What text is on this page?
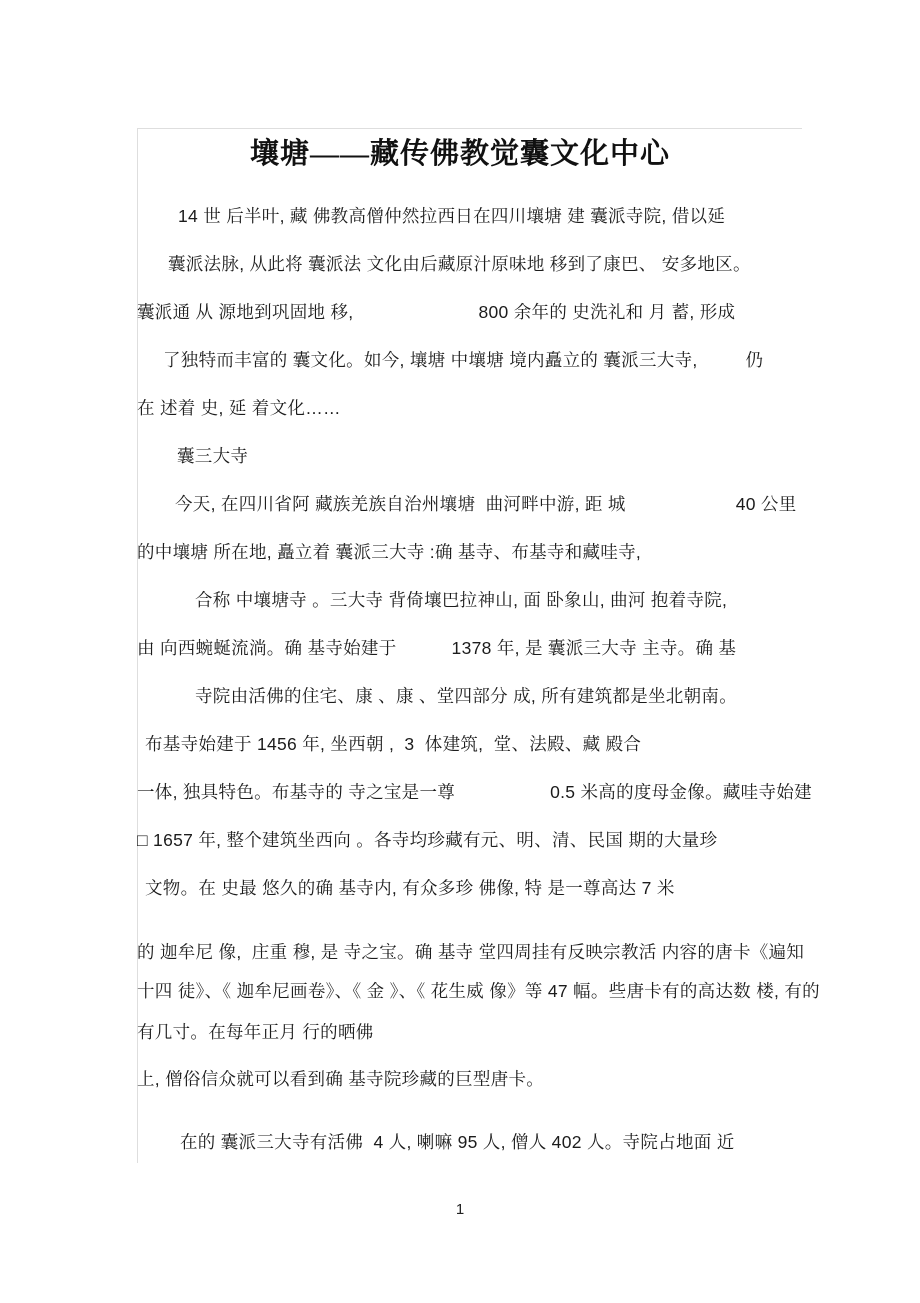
壤塘——藏传佛教觉囊文化中心
14 世 后半叶, 藏 佛教高僧仲然拉西日在四川壤塘 建 囊派寺院, 借以延
囊派法脉, 从此将 囊派法 文化由后藏原汁原味地 移到了康巴、 安多地区。
囊派通 从 源地到巩固地 移,	800 余年的 史洗礼和 月 蓄, 形成
了独特而丰富的 囊文化。如今, 壤塘 中壤塘 境内矗立的 囊派三大寺,	仍
在 述着 史, 延 着文化……
囊三大寺
今天, 在四川省阿 藏族羌族自治州壤塘  曲河畔中游, 距 城	40 公里
的中壤塘 所在地, 矗立着 囊派三大寺 :确 基寺、布基寺和藏哇寺,
合称 中壤塘寺 。三大寺 背倚壤巴拉神山, 面 卧象山, 曲河 抱着寺院,
由 向西蜿蜒流淌。确 基寺始建于	1378 年, 是 囊派三大寺 主寺。确 基
寺院由活佛的住宅、康 、康 、堂四部分 成, 所有建筑都是坐北朝南。
布基寺始建于 1456 年, 坐西朝 ,  3  体建筑,  堂、法殿、藏 殿合
一体, 独具特色。布基寺的 寺之宝是一尊	0.5 米高的度母金像。藏哇寺始建
□ 1657 年, 整个建筑坐西向 。各寺均珍藏有元、明、清、民国 期的大量珍
文物。在 史最 悠久的确 基寺内, 有众多珍 佛像, 特 是一尊高达 7 米
的 迦牟尼 像,  庄重 穆, 是 寺之宝。确 基寺 堂四周挂有反映宗教活 内容的唐卡《遍知
十四 徒》、《 迦牟尼画卷》、《 金 》、《 花生威 像》等 47 幅。些唐卡有的高达数 楼, 有的
有几寸。在每年正月 行的晒佛
上, 僧俗信众就可以看到确 基寺院珍藏的巨型唐卡。
在的 囊派三大寺有活佛  4 人, 喇嘛 95 人, 僧人 402 人。寺院占地面 近
1
